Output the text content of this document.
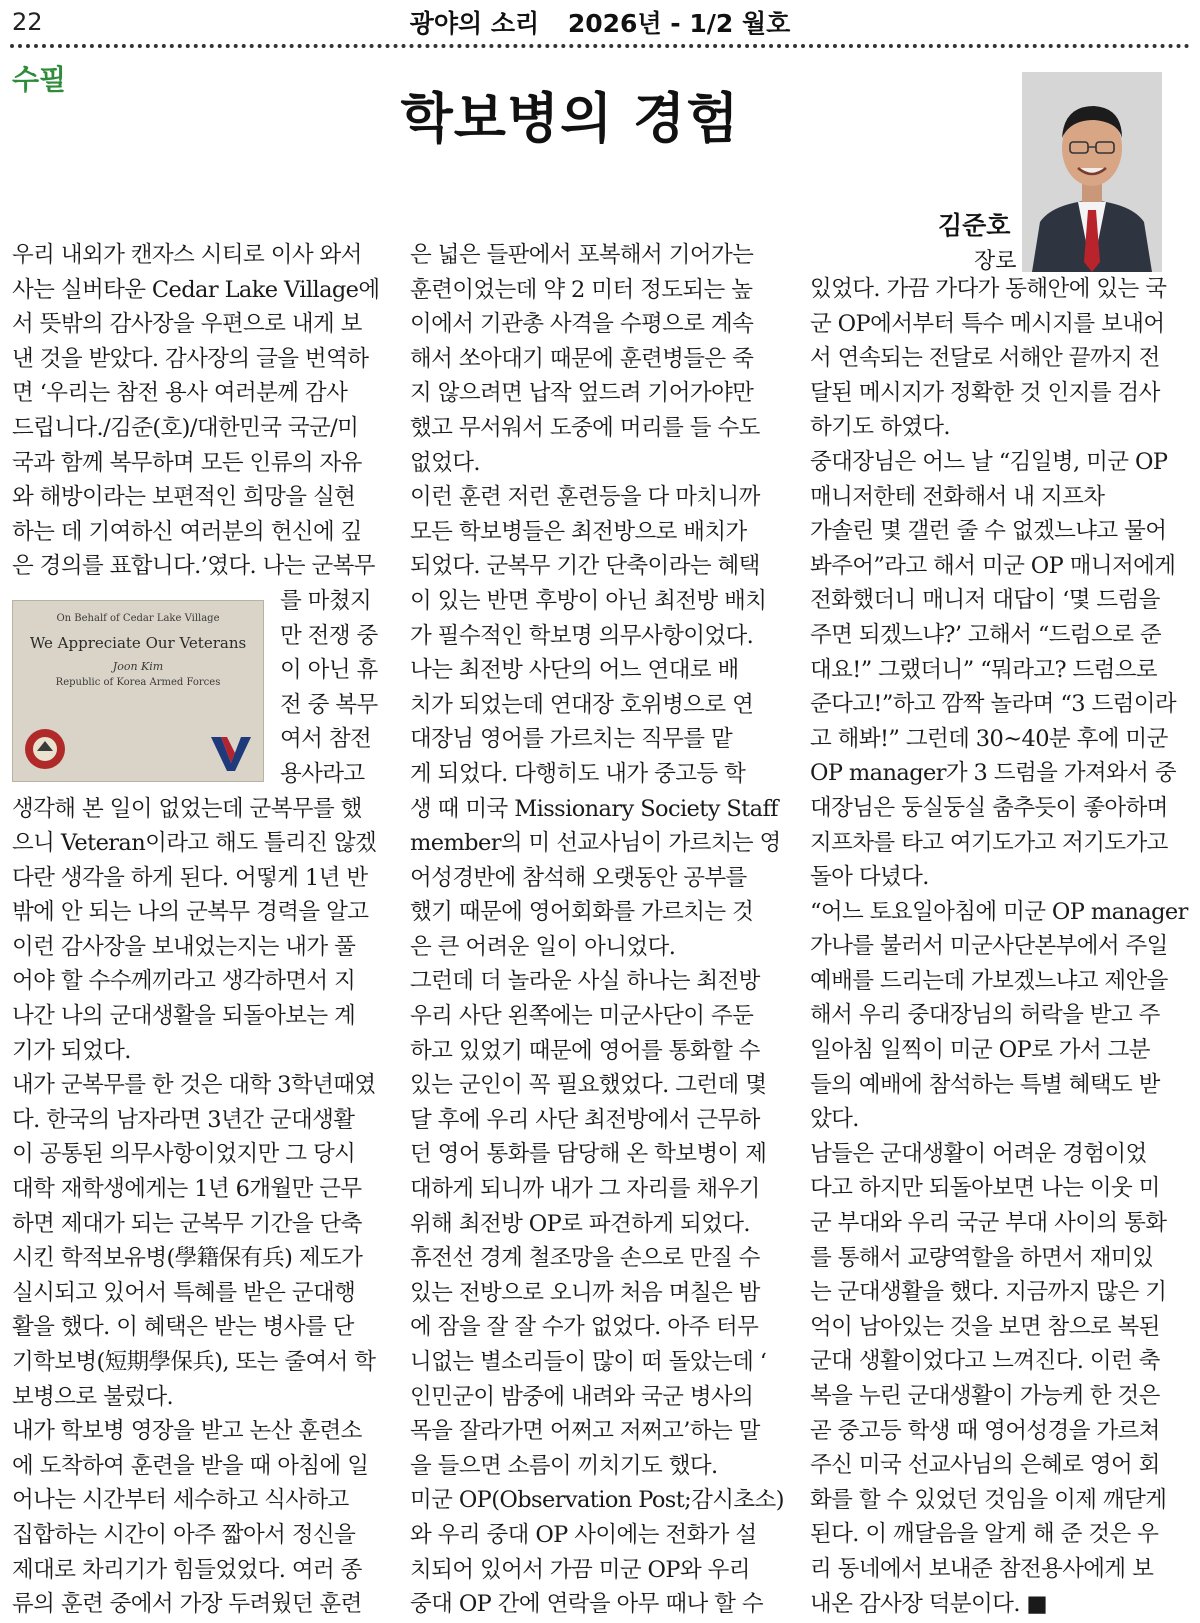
22	광야의 소리 2026년 - 1/2 월호
수필
학보병의 경험
김준호
장로
On Behalf of Cedar Lake Village
We Appreciate Our Veterans
Joon Kim
Republic of Korea Armed Forces
우리 내외가 캔자스 시티로 이사 와서
사는 실버타운 Cedar Lake Village에
서 뜻밖의 감사장을 우편으로 내게 보
낸 것을 받았다. 감사장의 글을 번역하
면 ‘우리는 참전 용사 여러분께 감사
드립니다./김준(호)/대한민국 국군/미
국과 함께 복무하며 모든 인류의 자유
와 해방이라는 보편적인 희망을 실현
하는 데 기여하신 여러분의 헌신에 깊
은 경의를 표합니다.’였다. 나는 군복무
를 마쳤지
만 전쟁 중
이 아닌 휴
전 중 복무
여서 참전
용사라고
생각해 본 일이 없었는데 군복무를 했
으니 Veteran이라고 해도 틀리진 않겠
다란 생각을 하게 된다. 어떻게 1년 반
밖에 안 되는 나의 군복무 경력을 알고
이런 감사장을 보내었는지는 내가 풀
어야 할 수수께끼라고 생각하면서 지
나간 나의 군대생활을 되돌아보는 계
기가 되었다.
내가 군복무를 한 것은 대학 3학년때였
다. 한국의 남자라면 3년간 군대생활
이 공통된 의무사항이었지만 그 당시
대학 재학생에게는 1년 6개월만 근무
하면 제대가 되는 군복무 기간을 단축
시킨 학적보유병(學籍保有兵) 제도가
실시되고 있어서 특혜를 받은 군대행
활을 했다. 이 혜택은 받는 병사를 단
기학보병(短期學保兵), 또는 줄여서 학
보병으로 불렀다.
내가 학보병 영장을 받고 논산 훈련소
에 도착하여 훈련을 받을 때 아침에 일
어나는 시간부터 세수하고 식사하고
집합하는 시간이 아주 짧아서 정신을
제대로 차리기가 힘들었었다. 여러 종
류의 훈련 중에서 가장 두려웠던 훈련
은 넓은 들판에서 포복해서 기어가는
훈련이었는데 약 2 미터 정도되는 높
이에서 기관총 사격을 수평으로 계속
해서 쏘아대기 때문에 훈련병들은 죽
지 않으려면 납작 엎드려 기어가야만
했고 무서워서 도중에 머리를 들 수도
없었다.
이런 훈련 저런 훈련등을 다 마치니까
모든 학보병들은 최전방으로 배치가
되었다. 군복무 기간 단축이라는 혜택
이 있는 반면 후방이 아닌 최전방 배치
가 필수적인 학보명 의무사항이었다.
나는 최전방 사단의 어느 연대로 배
치가 되었는데 연대장 호위병으로 연
대장님 영어를 가르치는 직무를 맡
게 되었다. 다행히도 내가 중고등 학
생 때 미국 Missionary Society Staff
member의 미 선교사님이 가르치는 영
어성경반에 참석해 오랫동안 공부를
했기 때문에 영어회화를 가르치는 것
은 큰 어려운 일이 아니었다.
그런데 더 놀라운 사실 하나는 최전방
우리 사단 왼쪽에는 미군사단이 주둔
하고 있었기 때문에 영어를 통화할 수
있는 군인이 꼭 필요했었다. 그런데 몇
달 후에 우리 사단 최전방에서 근무하
던 영어 통화를 담당해 온 학보병이 제
대하게 되니까 내가 그 자리를 채우기
위해 최전방 OP로 파견하게 되었다.
휴전선 경계 철조망을 손으로 만질 수
있는 전방으로 오니까 처음 며칠은 밤
에 잠을 잘 잘 수가 없었다. 아주 터무
니없는 별소리들이 많이 떠 돌았는데 ‘
인민군이 밤중에 내려와 국군 병사의
목을 잘라가면 어쩌고 저쩌고’하는 말
을 들으면 소름이 끼치기도 했다.
미군 OP(Observation Post;감시초소)
와 우리 중대 OP 사이에는 전화가 설
치되어 있어서 가끔 미군 OP와 우리
중대 OP 간에 연락을 아무 때나 할 수
있었다. 가끔 가다가 동해안에 있는 국
군 OP에서부터 특수 메시지를 보내어
서 연속되는 전달로 서해안 끝까지 전
달된 메시지가 정확한 것 인지를 검사
하기도 하였다.
중대장님은 어느 날 “김일병, 미군 OP
매니저한테 전화해서 내 지프차
가솔린 몇 갤런 줄 수 없겠느냐고 물어
봐주어”라고 해서 미군 OP 매니저에게
전화했더니 매니저 대답이 ‘몇 드럼을
주면 되겠느냐?’ 고해서 “드럼으로 준
대요!” 그랬더니” “뭐라고? 드럼으로
준다고!”하고 깜짝 놀라며 “3 드럼이라
고 해봐!” 그런데 30~40분 후에 미군
OP manager가 3 드럼을 가져와서 중
대장님은 둥실둥실 춤추듯이 좋아하며
지프차를 타고 여기도가고 저기도가고
돌아 다녔다.
“어느 토요일아침에 미군 OP manager
가나를 불러서 미군사단본부에서 주일
예배를 드리는데 가보겠느냐고 제안을
해서 우리 중대장님의 허락을 받고 주
일아침 일찍이 미군 OP로 가서 그분
들의 예배에 참석하는 특별 혜택도 받
았다.
남들은 군대생활이 어려운 경험이었
다고 하지만 되돌아보면 나는 이웃 미
군 부대와 우리 국군 부대 사이의 통화
를 통해서 교량역할을 하면서 재미있
는 군대생활을 했다. 지금까지 많은 기
억이 남아있는 것을 보면 참으로 복된
군대 생활이었다고 느껴진다. 이런 축
복을 누린 군대생활이 가능케 한 것은
곧 중고등 학생 때 영어성경을 가르쳐
주신 미국 선교사님의 은혜로 영어 회
화를 할 수 있었던 것임을 이제 깨닫게
된다. 이 깨달음을 알게 해 준 것은 우
리 동네에서 보내준 참전용사에게 보
내온 감사장 덕분이다. ■
